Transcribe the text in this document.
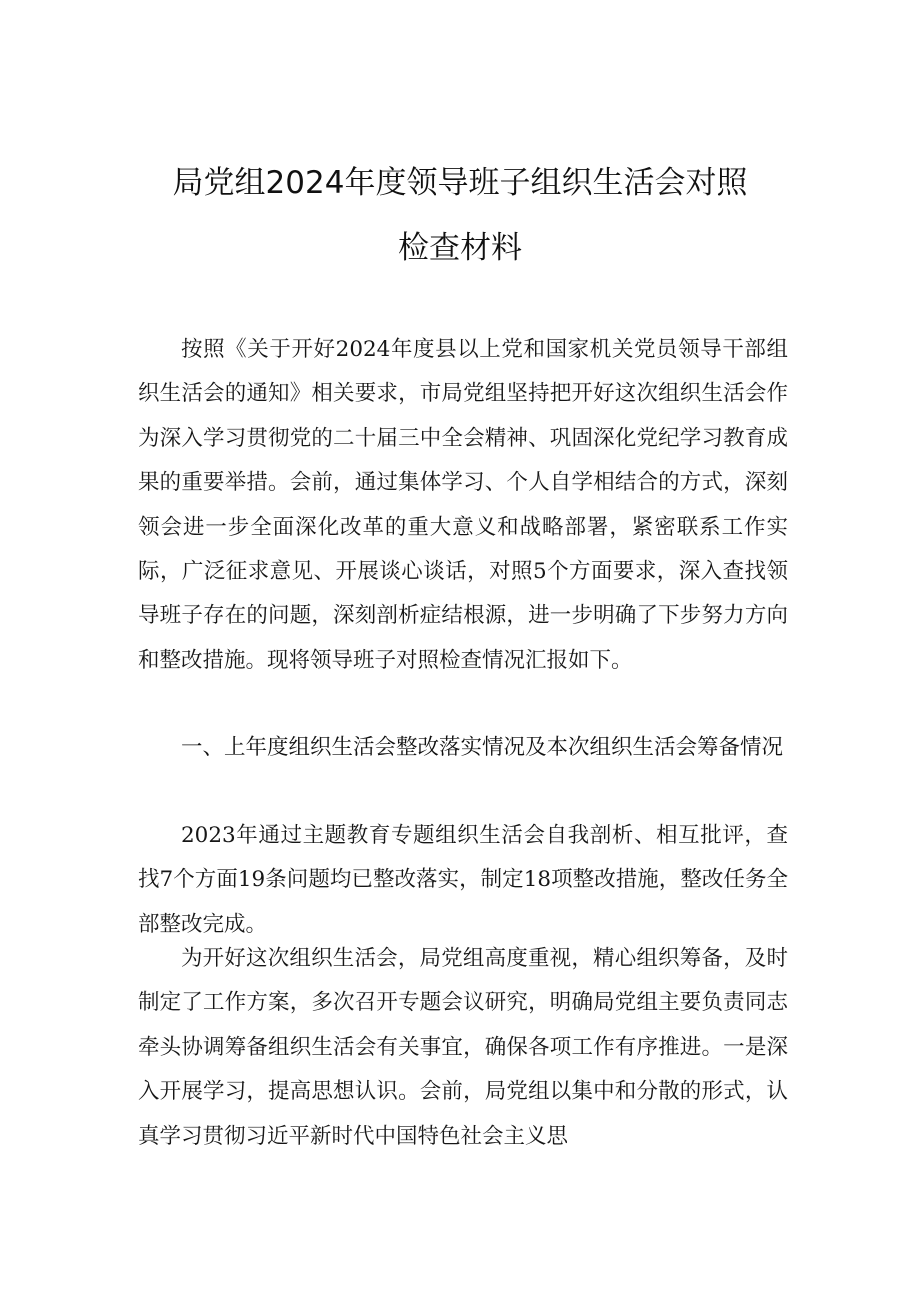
局党组2024年度领导班子组织生活会对照
检查材料

按照《关于开好2024年度县以上党和国家机关党员领导干部组织生活会的通知》相关要求，市局党组坚持把开好这次组织生活会作为深入学习贯彻党的二十届三中全会精神、巩固深化党纪学习教育成果的重要举措。会前，通过集体学习、个人自学相结合的方式，深刻领会进一步全面深化改革的重大意义和战略部署，紧密联系工作实际，广泛征求意见、开展谈心谈话，对照5个方面要求，深入查找领导班子存在的问题，深刻剖析症结根源，进一步明确了下步努力方向和整改措施。现将领导班子对照检查情况汇报如下。

一、上年度组织生活会整改落实情况及本次组织生活会筹备情况

2023年通过主题教育专题组织生活会自我剖析、相互批评，查找7个方面19条问题均已整改落实，制定18项整改措施，整改任务全部整改完成。

为开好这次组织生活会，局党组高度重视，精心组织筹备，及时制定了工作方案，多次召开专题会议研究，明确局党组主要负责同志牵头协调筹备组织生活会有关事宜，确保各项工作有序推进。一是深入开展学习，提高思想认识。会前，局党组以集中和分散的形式，认真学习贯彻习近平新时代中国特色社会主义思
